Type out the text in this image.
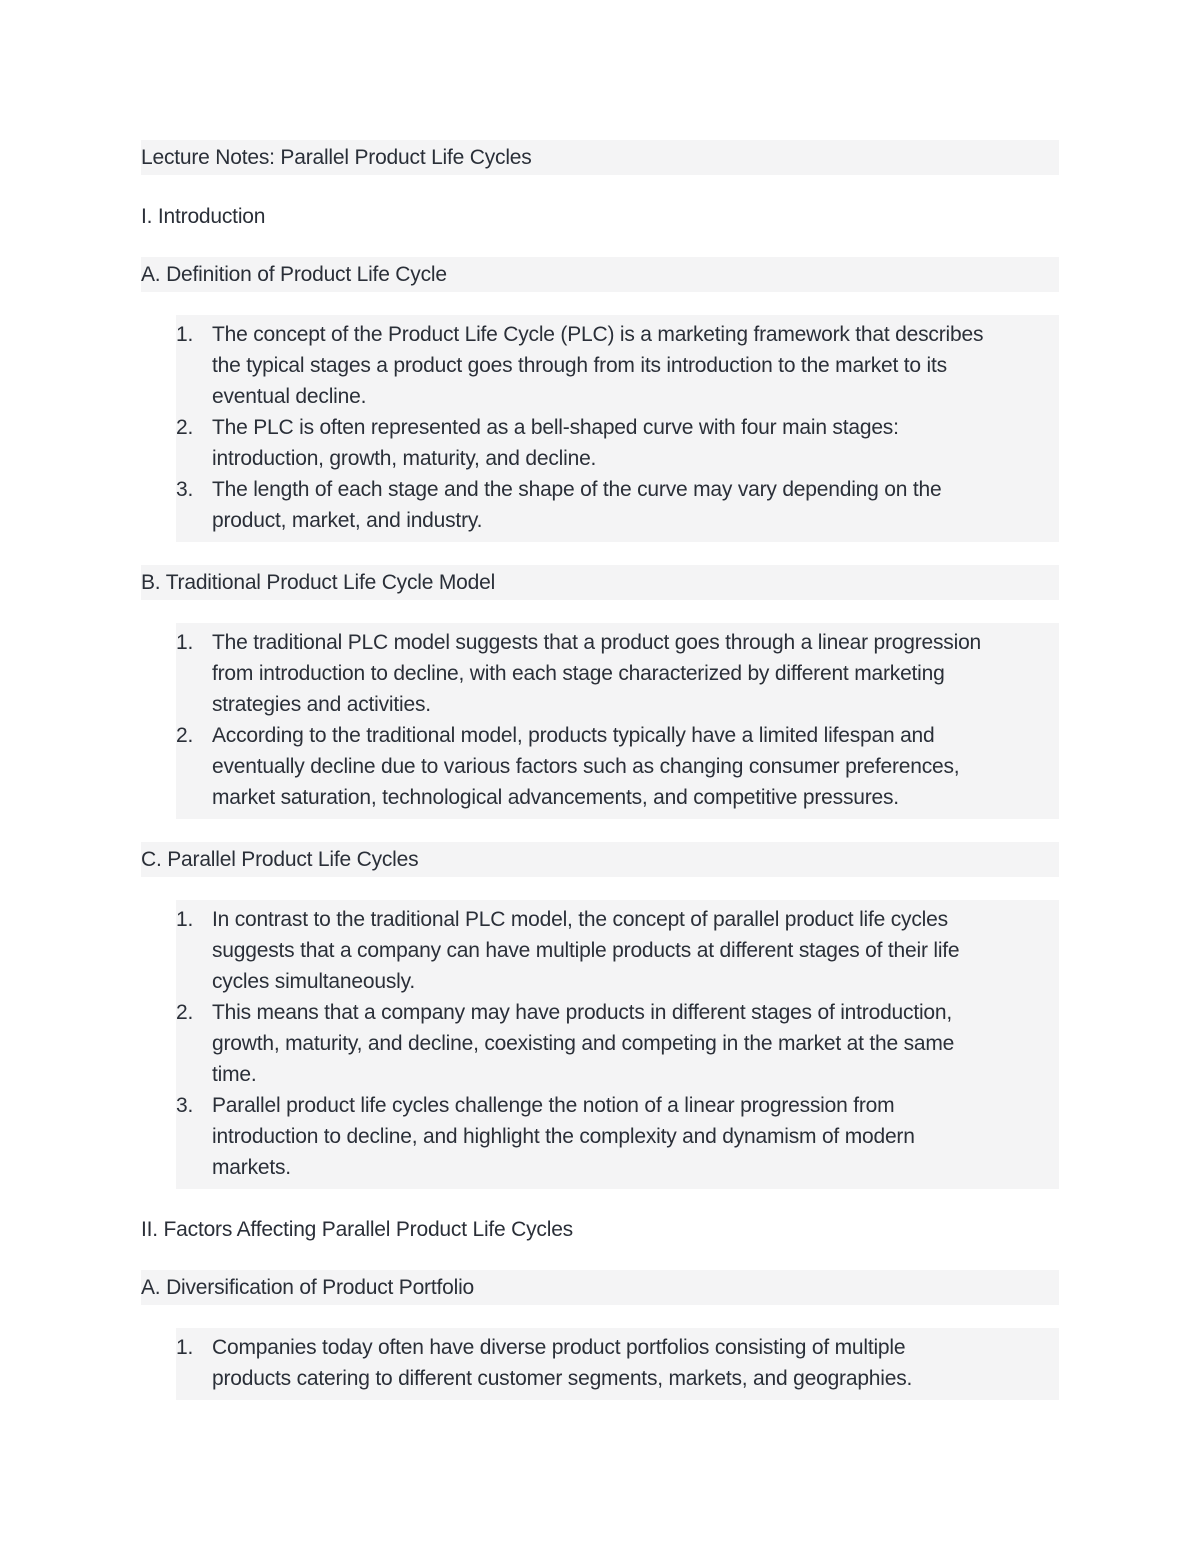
Lecture Notes: Parallel Product Life Cycles
I. Introduction
A. Definition of Product Life Cycle
1. The concept of the Product Life Cycle (PLC) is a marketing framework that describes
the typical stages a product goes through from its introduction to the market to its
eventual decline.
2. The PLC is often represented as a bell-shaped curve with four main stages:
introduction, growth, maturity, and decline.
3. The length of each stage and the shape of the curve may vary depending on the
product, market, and industry.
B. Traditional Product Life Cycle Model
1. The traditional PLC model suggests that a product goes through a linear progression
from introduction to decline, with each stage characterized by different marketing
strategies and activities.
2. According to the traditional model, products typically have a limited lifespan and
eventually decline due to various factors such as changing consumer preferences,
market saturation, technological advancements, and competitive pressures.
C. Parallel Product Life Cycles
1. In contrast to the traditional PLC model, the concept of parallel product life cycles
suggests that a company can have multiple products at different stages of their life
cycles simultaneously.
2. This means that a company may have products in different stages of introduction,
growth, maturity, and decline, coexisting and competing in the market at the same
time.
3. Parallel product life cycles challenge the notion of a linear progression from
introduction to decline, and highlight the complexity and dynamism of modern
markets.
II. Factors Affecting Parallel Product Life Cycles
A. Diversification of Product Portfolio
1. Companies today often have diverse product portfolios consisting of multiple
products catering to different customer segments, markets, and geographies.
